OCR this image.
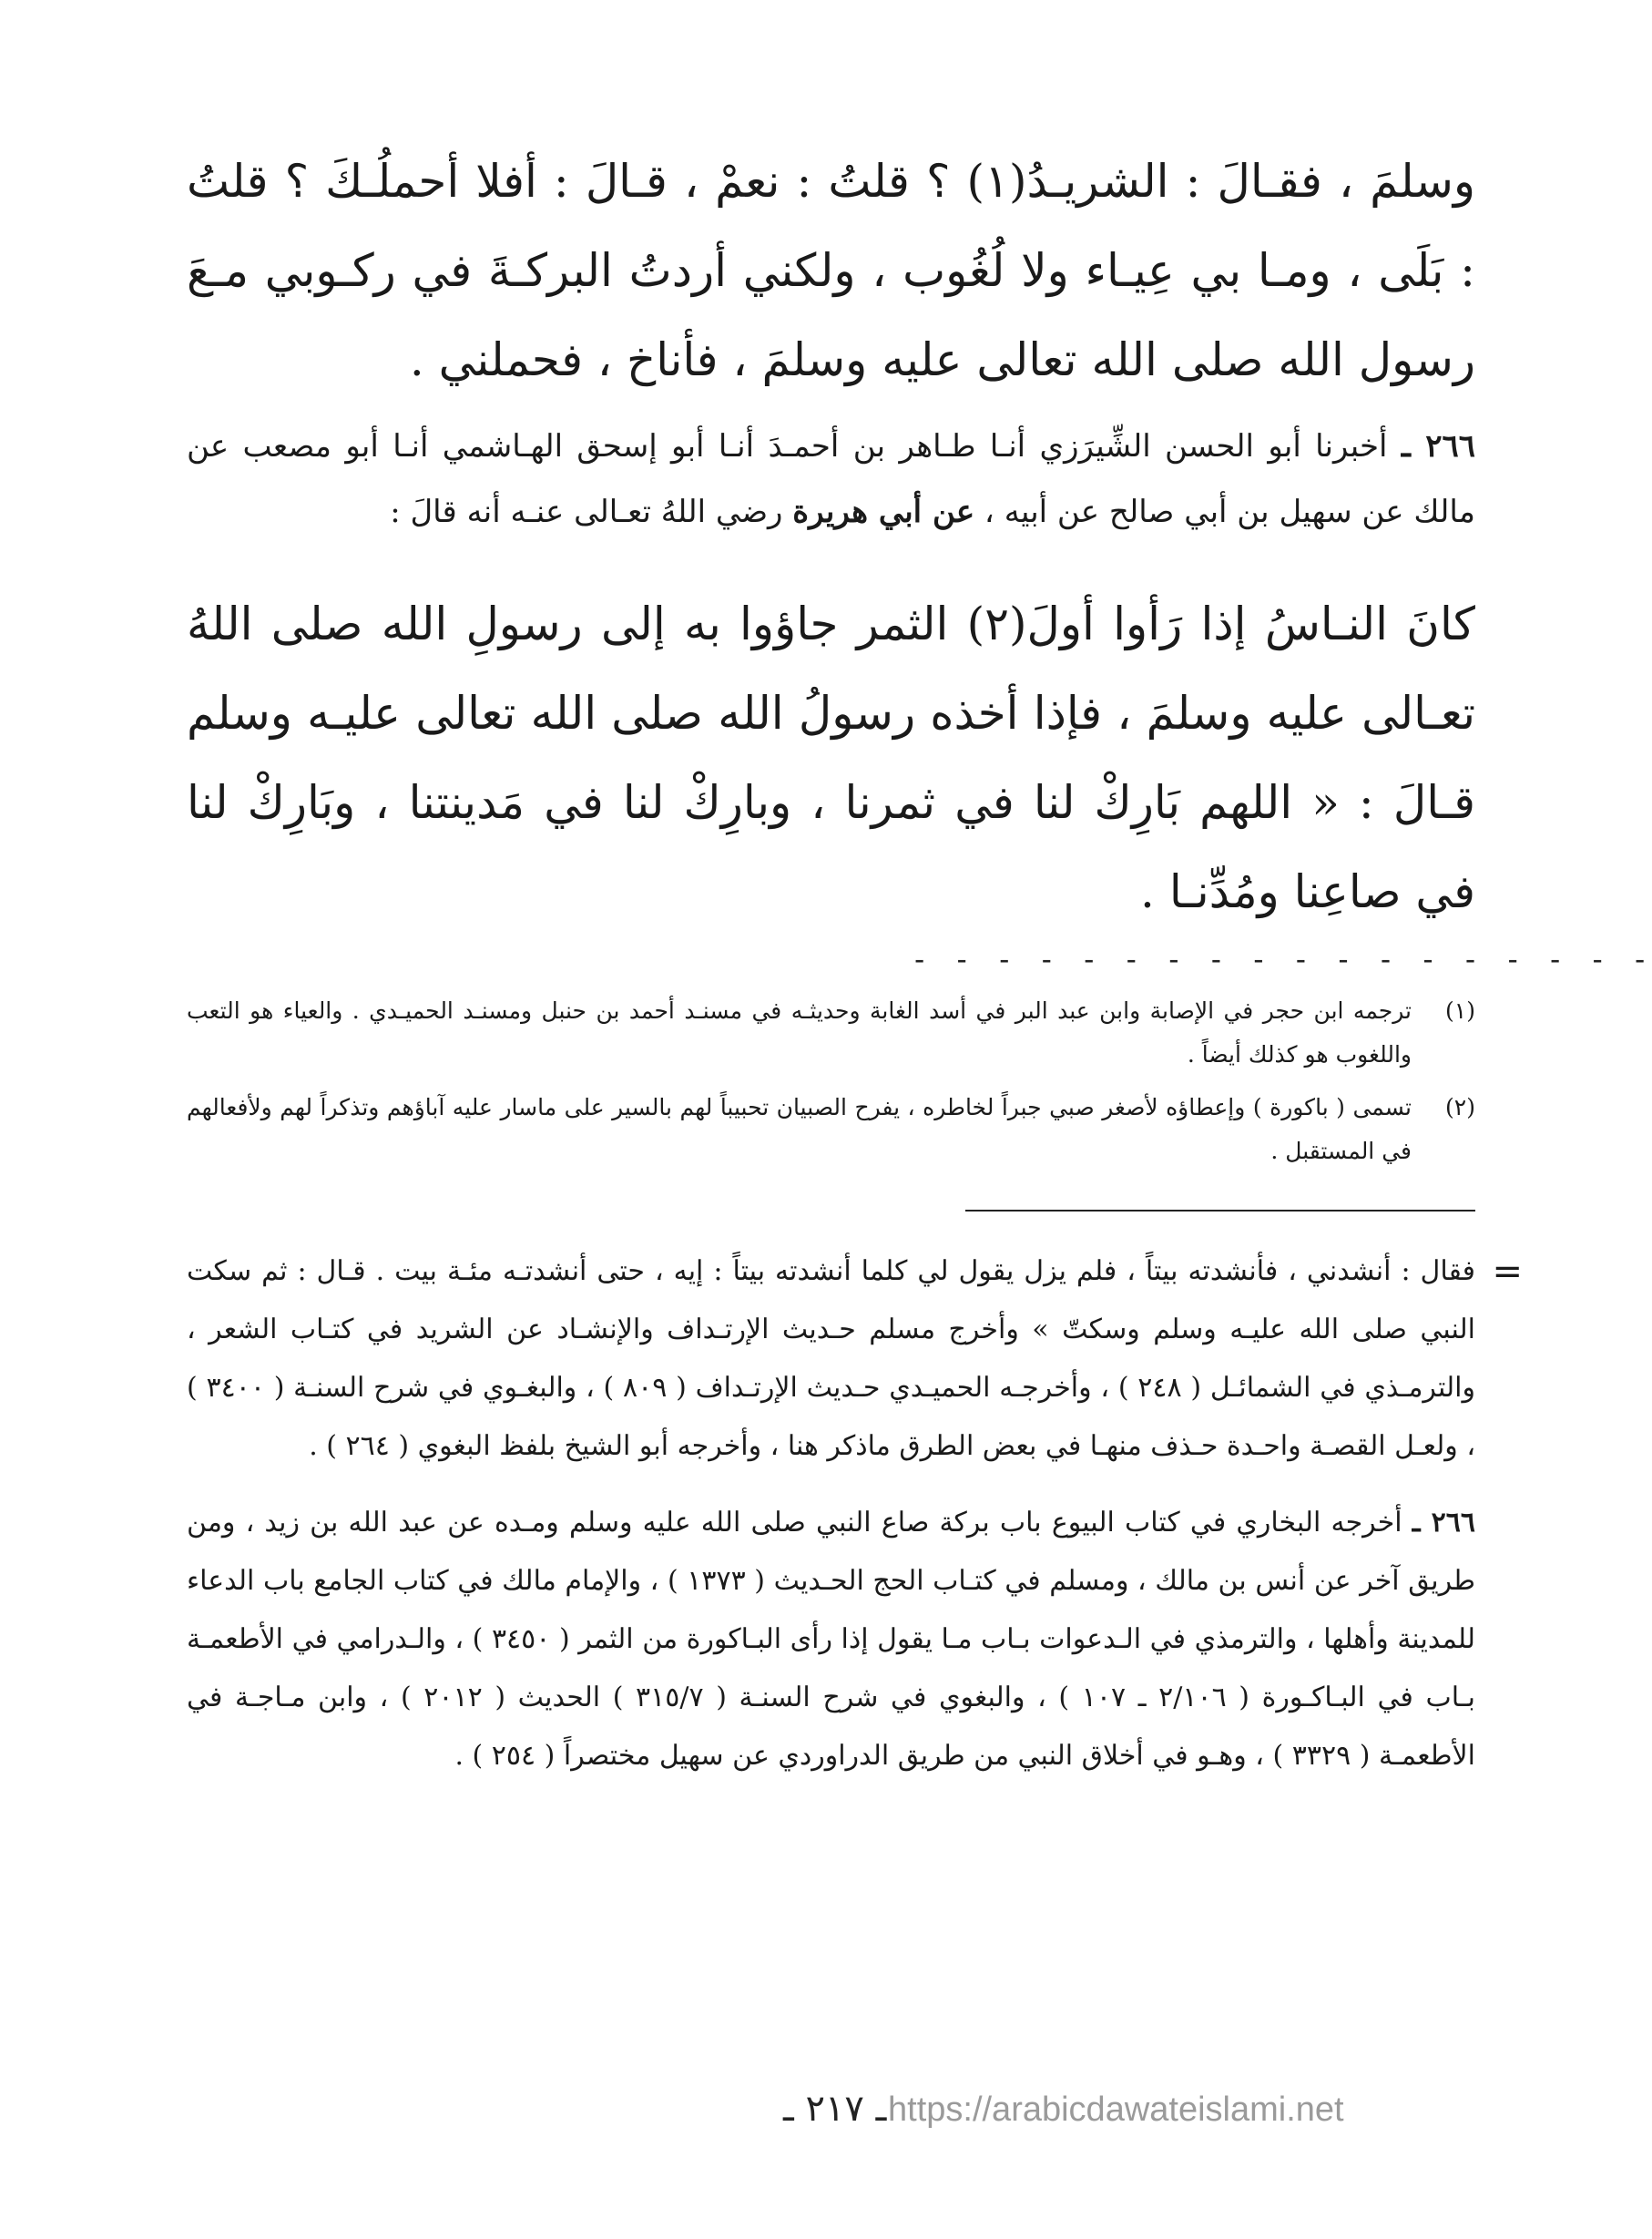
وسلمَ ، فقـالَ : الشريـدُ(١) ؟ قلتُ : نعمْ ، قـالَ : أفلا أحملُـكَ ؟ قلتُ : بَلَى ، ومـا بي عِيـاء ولا لُغُوب ، ولكني أردتُ البركـةَ في ركـوبي مـعَ رسول الله صلى الله تعالى عليه وسلمَ ، فأناخ ، فحملني .

٢٦٦ ـ أخبرنا أبو الحسن الشِّيرَزي أنـا طـاهر بن أحمـدَ أنـا أبو إسحق الهـاشمي أنـا أبو مصعب عن مالك عن سهيل بن أبي صالح عن أبيه ، عن أبي هريرة رضي اللهُ تعـالى عنـه أنه قالَ :

كانَ النـاسُ إذا رَأوا أولَ(٢) الثمر جاؤوا به إلى رسولِ الله صلى اللهُ تعـالى عليه وسلمَ ، فإذا أخذه رسولُ الله صلى الله تعالى عليـه وسلم قـالَ : « اللهم بَارِكْ لنا في ثمرنا ، وبارِكْ لنا في مَدينتنا ، وبَارِكْ لنا في صاعِنا ومُدِّنـا .

- - - - - - - - - - - - - - - - - -
(١)
ترجمه ابن حجر في الإصابة وابن عبد البر في أسد الغابة وحديثـه في مسنـد أحمد بن حنبل ومسنـد الحميـدي . والعياء هو التعب واللغوب هو كذلك أيضاً .
(٢)
تسمى ( باكورة ) وإعطاؤه لأصغر صبي جبراً لخاطره ، يفرح الصبيان تحبيباً لهم بالسير على ماسار عليه آباؤهم وتذكراً لهم ولأفعالهم في المستقبل .
=

فقال : أنشدني ، فأنشدته بيتاً ، فلم يزل يقول لي كلما أنشدته بيتاً : إيه ، حتى أنشدتـه مئـة بيت . قـال : ثم سكت النبي صلى الله عليـه وسلم وسكتّ » وأخرج مسلم حـديث الإرتـداف والإنشـاد عن الشريد في كتـاب الشعر ، والترمـذي في الشمائـل ( ٢٤٨ ) ، وأخرجـه الحميـدي حـديث الإرتـداف ( ٨٠٩ ) ، والبغـوي في شرح السنـة ( ٣٤٠٠ ) ، ولعـل القصـة واحـدة حـذف منهـا في بعض الطرق ماذكر هنا ، وأخرجه أبو الشيخ بلفظ البغوي ( ٢٦٤ ) .

٢٦٦ ـ أخرجه البخاري في كتاب البيوع باب بركة صاع النبي صلى الله عليه وسلم ومـده عن عبد الله بن زيد ، ومن طريق آخر عن أنس بن مالك ، ومسلم في كتـاب الحج الحـديث ( ١٣٧٣ ) ، والإمام مالك في كتاب الجامع باب الدعاء للمدينة وأهلها ، والترمذي في الـدعوات بـاب مـا يقول إذا رأى البـاكورة من الثمر ( ٣٤٥٠ ) ، والـدرامي في الأطعمـة بـاب في البـاكـورة ( ٢/١٠٦ ـ ١٠٧ ) ، والبغوي في شرح السنـة ( ٣١٥/٧ ) الحديث ( ٢٠١٢ ) ، وابن مـاجـة في الأطعمـة ( ٣٣٢٩ ) ، وهـو في أخلاق النبي من طريق الدراوردي عن سهيل مختصراً ( ٢٥٤ ) .

ـ ٢١٧ ـ https://arabicdawateislami.net
